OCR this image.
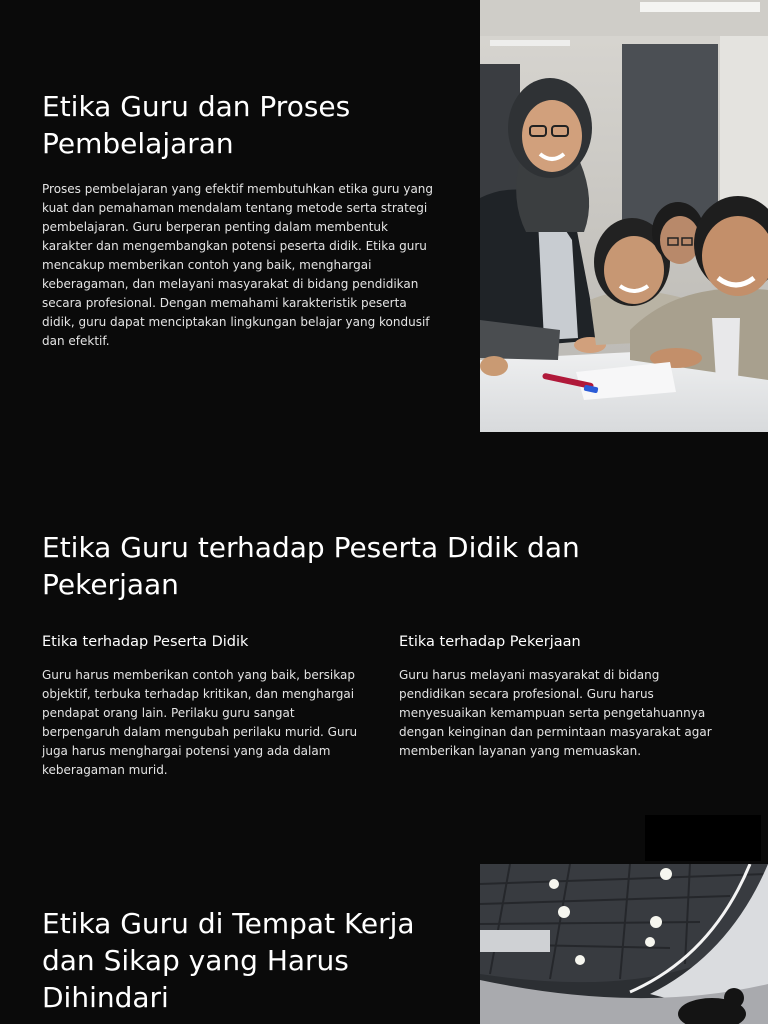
Etika Guru dan Proses Pembelajaran

Proses pembelajaran yang efektif membutuhkan etika guru yang kuat dan pemahaman mendalam tentang metode serta strategi pembelajaran. Guru berperan penting dalam membentuk karakter dan mengembangkan potensi peserta didik. Etika guru mencakup memberikan contoh yang baik, menghargai keberagaman, dan melayani masyarakat di bidang pendidikan secara profesional. Dengan memahami karakteristik peserta didik, guru dapat menciptakan lingkungan belajar yang kondusif dan efektif.

Etika Guru terhadap Peserta Didik dan Pekerjaan
Etika terhadap Peserta Didik

Guru harus memberikan contoh yang baik, bersikap objektif, terbuka terhadap kritikan, dan menghargai pendapat orang lain. Perilaku guru sangat berpengaruh dalam mengubah perilaku murid. Guru juga harus menghargai potensi yang ada dalam keberagaman murid.

Etika terhadap Pekerjaan

Guru harus melayani masyarakat di bidang pendidikan secara profesional. Guru harus menyesuaikan kemampuan serta pengetahuannya dengan keinginan dan permintaan masyarakat agar memberikan layanan yang memuaskan.

Etika Guru di Tempat Kerja dan Sikap yang Harus Dihindari
